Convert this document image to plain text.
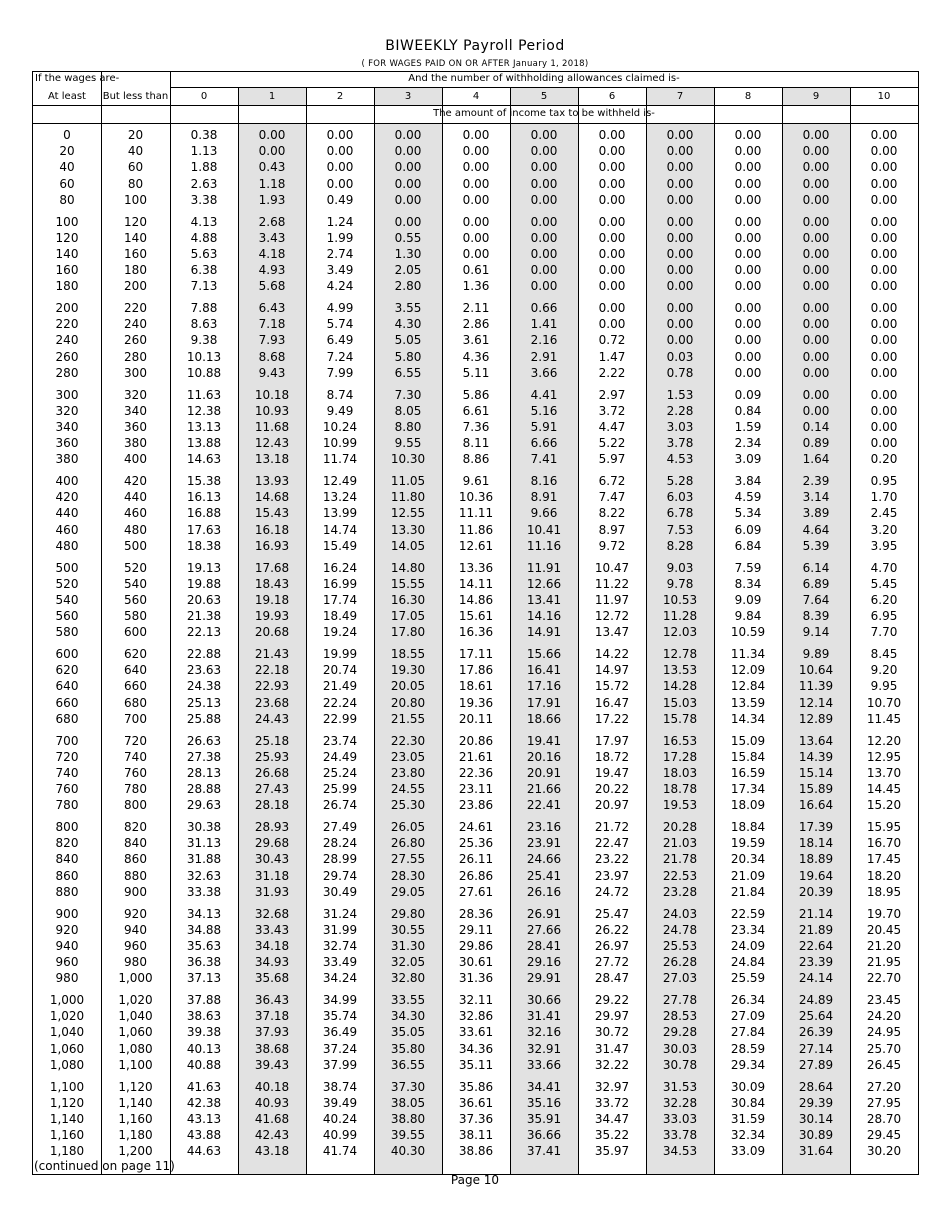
BIWEEKLY Payroll Period
( FOR WAGES PAID ON OR AFTER January 1, 2018)
If the wages are-	And the number of withholding allowances claimed is-
At least	But less than	0	1	2	3	4	5	6	7	8	9	10
The amount of income tax to be withheld is-
0	20	0.38	0.00	0.00	0.00	0.00	0.00	0.00	0.00	0.00	0.00	0.00
20	40	1.13	0.00	0.00	0.00	0.00	0.00	0.00	0.00	0.00	0.00	0.00
40	60	1.88	0.43	0.00	0.00	0.00	0.00	0.00	0.00	0.00	0.00	0.00
60	80	2.63	1.18	0.00	0.00	0.00	0.00	0.00	0.00	0.00	0.00	0.00
80	100	3.38	1.93	0.49	0.00	0.00	0.00	0.00	0.00	0.00	0.00	0.00
100	120	4.13	2.68	1.24	0.00	0.00	0.00	0.00	0.00	0.00	0.00	0.00
120	140	4.88	3.43	1.99	0.55	0.00	0.00	0.00	0.00	0.00	0.00	0.00
140	160	5.63	4.18	2.74	1.30	0.00	0.00	0.00	0.00	0.00	0.00	0.00
160	180	6.38	4.93	3.49	2.05	0.61	0.00	0.00	0.00	0.00	0.00	0.00
180	200	7.13	5.68	4.24	2.80	1.36	0.00	0.00	0.00	0.00	0.00	0.00
200	220	7.88	6.43	4.99	3.55	2.11	0.66	0.00	0.00	0.00	0.00	0.00
220	240	8.63	7.18	5.74	4.30	2.86	1.41	0.00	0.00	0.00	0.00	0.00
240	260	9.38	7.93	6.49	5.05	3.61	2.16	0.72	0.00	0.00	0.00	0.00
260	280	10.13	8.68	7.24	5.80	4.36	2.91	1.47	0.03	0.00	0.00	0.00
280	300	10.88	9.43	7.99	6.55	5.11	3.66	2.22	0.78	0.00	0.00	0.00
300	320	11.63	10.18	8.74	7.30	5.86	4.41	2.97	1.53	0.09	0.00	0.00
320	340	12.38	10.93	9.49	8.05	6.61	5.16	3.72	2.28	0.84	0.00	0.00
340	360	13.13	11.68	10.24	8.80	7.36	5.91	4.47	3.03	1.59	0.14	0.00
360	380	13.88	12.43	10.99	9.55	8.11	6.66	5.22	3.78	2.34	0.89	0.00
380	400	14.63	13.18	11.74	10.30	8.86	7.41	5.97	4.53	3.09	1.64	0.20
400	420	15.38	13.93	12.49	11.05	9.61	8.16	6.72	5.28	3.84	2.39	0.95
420	440	16.13	14.68	13.24	11.80	10.36	8.91	7.47	6.03	4.59	3.14	1.70
440	460	16.88	15.43	13.99	12.55	11.11	9.66	8.22	6.78	5.34	3.89	2.45
460	480	17.63	16.18	14.74	13.30	11.86	10.41	8.97	7.53	6.09	4.64	3.20
480	500	18.38	16.93	15.49	14.05	12.61	11.16	9.72	8.28	6.84	5.39	3.95
500	520	19.13	17.68	16.24	14.80	13.36	11.91	10.47	9.03	7.59	6.14	4.70
520	540	19.88	18.43	16.99	15.55	14.11	12.66	11.22	9.78	8.34	6.89	5.45
540	560	20.63	19.18	17.74	16.30	14.86	13.41	11.97	10.53	9.09	7.64	6.20
560	580	21.38	19.93	18.49	17.05	15.61	14.16	12.72	11.28	9.84	8.39	6.95
580	600	22.13	20.68	19.24	17.80	16.36	14.91	13.47	12.03	10.59	9.14	7.70
600	620	22.88	21.43	19.99	18.55	17.11	15.66	14.22	12.78	11.34	9.89	8.45
620	640	23.63	22.18	20.74	19.30	17.86	16.41	14.97	13.53	12.09	10.64	9.20
640	660	24.38	22.93	21.49	20.05	18.61	17.16	15.72	14.28	12.84	11.39	9.95
660	680	25.13	23.68	22.24	20.80	19.36	17.91	16.47	15.03	13.59	12.14	10.70
680	700	25.88	24.43	22.99	21.55	20.11	18.66	17.22	15.78	14.34	12.89	11.45
700	720	26.63	25.18	23.74	22.30	20.86	19.41	17.97	16.53	15.09	13.64	12.20
720	740	27.38	25.93	24.49	23.05	21.61	20.16	18.72	17.28	15.84	14.39	12.95
740	760	28.13	26.68	25.24	23.80	22.36	20.91	19.47	18.03	16.59	15.14	13.70
760	780	28.88	27.43	25.99	24.55	23.11	21.66	20.22	18.78	17.34	15.89	14.45
780	800	29.63	28.18	26.74	25.30	23.86	22.41	20.97	19.53	18.09	16.64	15.20
800	820	30.38	28.93	27.49	26.05	24.61	23.16	21.72	20.28	18.84	17.39	15.95
820	840	31.13	29.68	28.24	26.80	25.36	23.91	22.47	21.03	19.59	18.14	16.70
840	860	31.88	30.43	28.99	27.55	26.11	24.66	23.22	21.78	20.34	18.89	17.45
860	880	32.63	31.18	29.74	28.30	26.86	25.41	23.97	22.53	21.09	19.64	18.20
880	900	33.38	31.93	30.49	29.05	27.61	26.16	24.72	23.28	21.84	20.39	18.95
900	920	34.13	32.68	31.24	29.80	28.36	26.91	25.47	24.03	22.59	21.14	19.70
920	940	34.88	33.43	31.99	30.55	29.11	27.66	26.22	24.78	23.34	21.89	20.45
940	960	35.63	34.18	32.74	31.30	29.86	28.41	26.97	25.53	24.09	22.64	21.20
960	980	36.38	34.93	33.49	32.05	30.61	29.16	27.72	26.28	24.84	23.39	21.95
980	1,000	37.13	35.68	34.24	32.80	31.36	29.91	28.47	27.03	25.59	24.14	22.70
1,000	1,020	37.88	36.43	34.99	33.55	32.11	30.66	29.22	27.78	26.34	24.89	23.45
1,020	1,040	38.63	37.18	35.74	34.30	32.86	31.41	29.97	28.53	27.09	25.64	24.20
1,040	1,060	39.38	37.93	36.49	35.05	33.61	32.16	30.72	29.28	27.84	26.39	24.95
1,060	1,080	40.13	38.68	37.24	35.80	34.36	32.91	31.47	30.03	28.59	27.14	25.70
1,080	1,100	40.88	39.43	37.99	36.55	35.11	33.66	32.22	30.78	29.34	27.89	26.45
1,100	1,120	41.63	40.18	38.74	37.30	35.86	34.41	32.97	31.53	30.09	28.64	27.20
1,120	1,140	42.38	40.93	39.49	38.05	36.61	35.16	33.72	32.28	30.84	29.39	27.95
1,140	1,160	43.13	41.68	40.24	38.80	37.36	35.91	34.47	33.03	31.59	30.14	28.70
1,160	1,180	43.88	42.43	40.99	39.55	38.11	36.66	35.22	33.78	32.34	30.89	29.45
1,180	1,200	44.63	43.18	41.74	40.30	38.86	37.41	35.97	34.53	33.09	31.64	30.20
(continued on page 11)
Page 10
